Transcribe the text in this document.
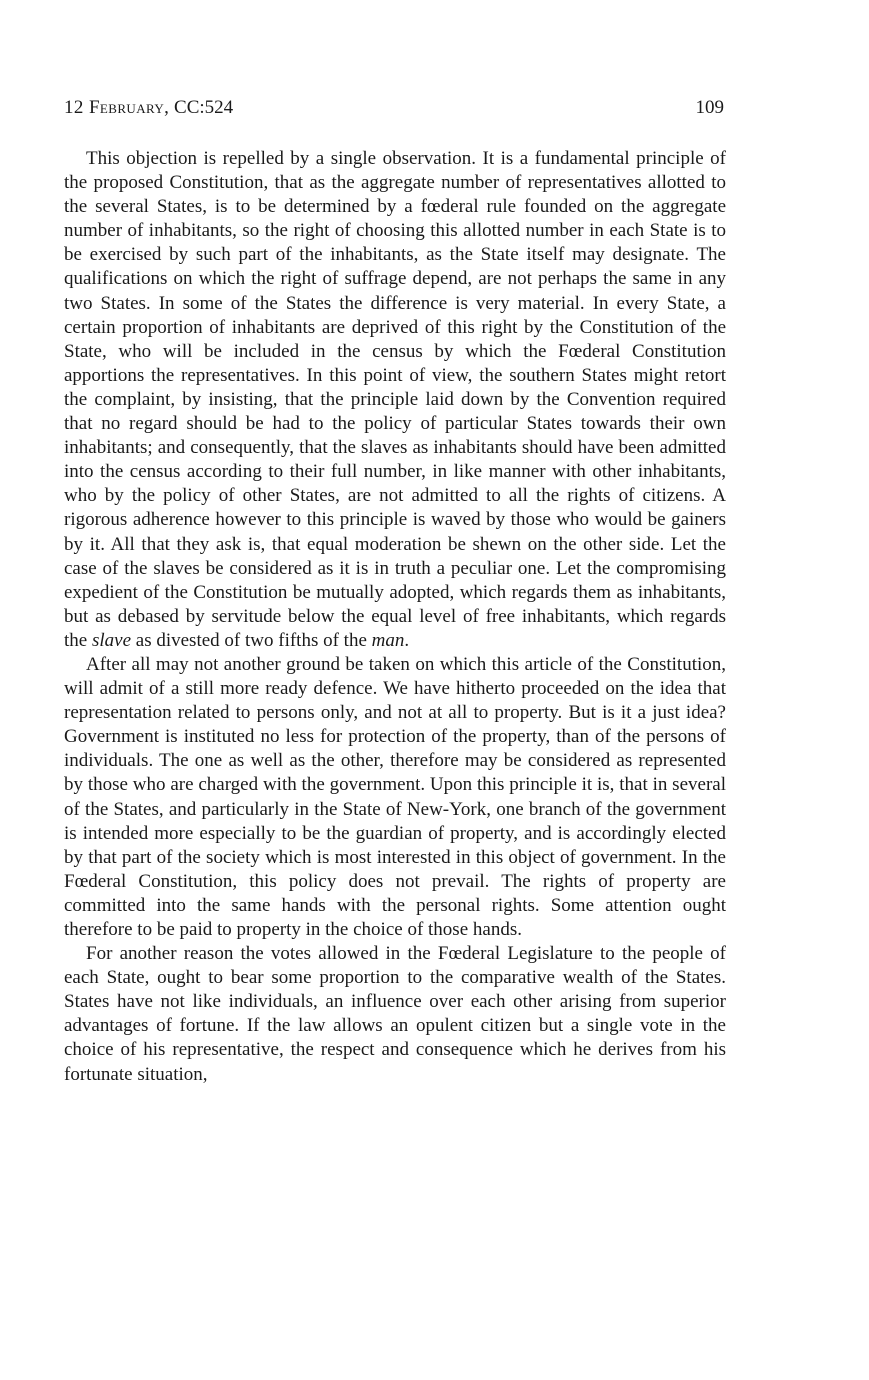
12 February, CC:524	109

This objection is repelled by a single observation. It is a fundamental principle of the proposed Constitution, that as the aggregate number of representatives allotted to the several States, is to be determined by a fœderal rule founded on the aggregate number of inhabitants, so the right of choosing this allotted number in each State is to be exercised by such part of the inhabitants, as the State itself may designate. The qualifications on which the right of suffrage depend, are not perhaps the same in any two States. In some of the States the difference is very material. In every State, a certain proportion of inhabitants are deprived of this right by the Constitution of the State, who will be included in the census by which the Fœderal Constitution apportions the representatives. In this point of view, the southern States might retort the complaint, by insisting, that the principle laid down by the Convention required that no regard should be had to the policy of particular States towards their own inhabitants; and consequently, that the slaves as inhabitants should have been admitted into the census according to their full number, in like manner with other inhabitants, who by the policy of other States, are not admitted to all the rights of citizens. A rigorous adherence however to this principle is waved by those who would be gainers by it. All that they ask is, that equal moderation be shewn on the other side. Let the case of the slaves be considered as it is in truth a peculiar one. Let the compromising expedient of the Constitution be mutually adopted, which regards them as inhabitants, but as debased by servitude below the equal level of free inhabitants, which regards the slave as divested of two fifths of the man.

After all may not another ground be taken on which this article of the Constitution, will admit of a still more ready defence. We have hitherto proceeded on the idea that representation related to persons only, and not at all to property. But is it a just idea? Government is instituted no less for protection of the property, than of the persons of individuals. The one as well as the other, therefore may be considered as represented by those who are charged with the government. Upon this principle it is, that in several of the States, and particularly in the State of New-York, one branch of the government is intended more especially to be the guardian of property, and is accordingly elected by that part of the society which is most interested in this object of government. In the Fœderal Constitution, this policy does not prevail. The rights of property are committed into the same hands with the personal rights. Some attention ought therefore to be paid to property in the choice of those hands.

For another reason the votes allowed in the Fœderal Legislature to the people of each State, ought to bear some proportion to the comparative wealth of the States. States have not like individuals, an influence over each other arising from superior advantages of fortune. If the law allows an opulent citizen but a single vote in the choice of his representative, the respect and consequence which he derives from his fortunate situation,
